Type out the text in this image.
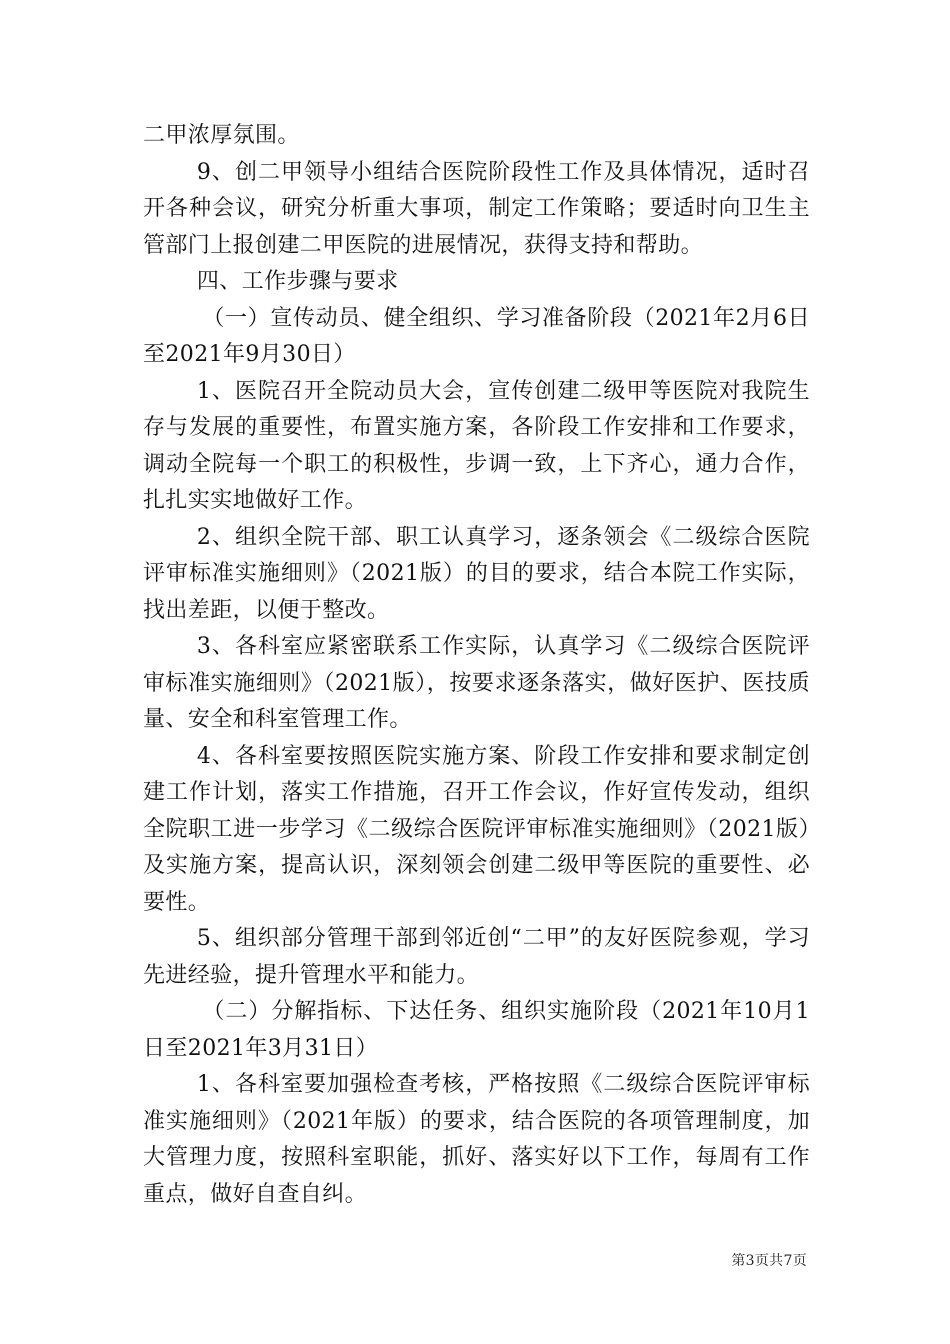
二甲浓厚氛围。

9、创二甲领导小组结合医院阶段性工作及具体情况，适时召开各种会议，研究分析重大事项，制定工作策略；要适时向卫生主管部门上报创建二甲医院的进展情况，获得支持和帮助。

四、工作步骤与要求

（一）宣传动员、健全组织、学习准备阶段（2021年2月6日至2021年9月30日）

1、医院召开全院动员大会，宣传创建二级甲等医院对我院生存与发展的重要性，布置实施方案，各阶段工作安排和工作要求，调动全院每一个职工的积极性，步调一致，上下齐心，通力合作，扎扎实实地做好工作。

2、组织全院干部、职工认真学习，逐条领会《二级综合医院评审标准实施细则》（2021版）的目的要求，结合本院工作实际，找出差距，以便于整改。

3、各科室应紧密联系工作实际，认真学习《二级综合医院评审标准实施细则》（2021版），按要求逐条落实，做好医护、医技质量、安全和科室管理工作。

4、各科室要按照医院实施方案、阶段工作安排和要求制定创建工作计划，落实工作措施，召开工作会议，作好宣传发动，组织全院职工进一步学习《二级综合医院评审标准实施细则》（2021版）及实施方案，提高认识，深刻领会创建二级甲等医院的重要性、必要性。

5、组织部分管理干部到邻近创“二甲”的友好医院参观，学习先进经验，提升管理水平和能力。

（二）分解指标、下达任务、组织实施阶段（2021年10月1日至2021年3月31日）

1、各科室要加强检查考核，严格按照《二级综合医院评审标准实施细则》（2021年版）的要求，结合医院的各项管理制度，加大管理力度，按照科室职能，抓好、落实好以下工作，每周有工作重点，做好自查自纠。

第3页共7页
